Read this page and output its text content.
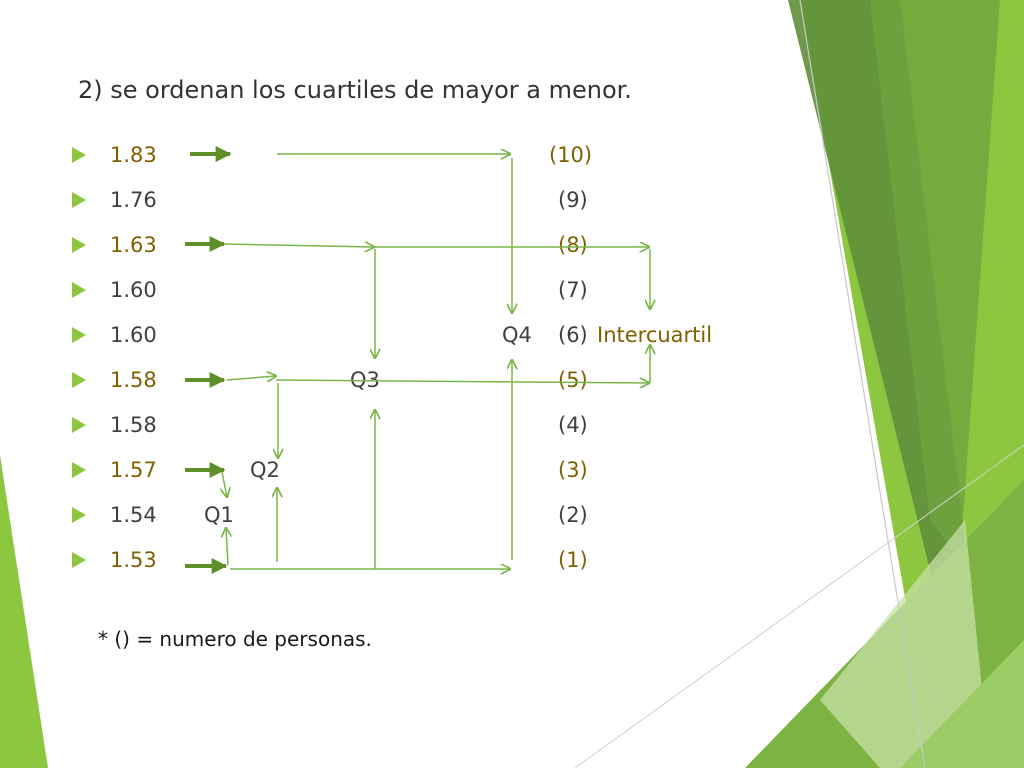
2) se ordenan los cuartiles de mayor a menor.
1.83	(10)
1.76	(9)
1.63	(8)
1.60	(7)
1.60	(6)
1.58	(5)
1.58	(4)
1.57	(3)
1.54	(2)
1.53	(1)
Q1
Q2
Q3
Q4	Intercuartil
* () = numero de personas.
